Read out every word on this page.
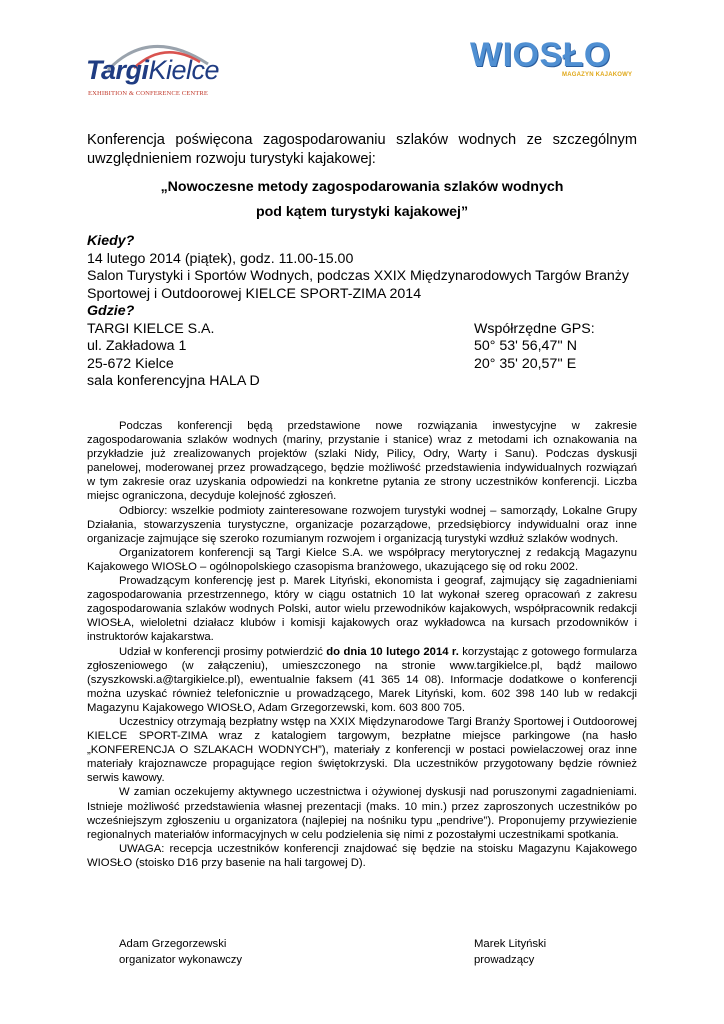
TargiKielce
EXHIBITION & CONFERENCE CENTRE
WIOSŁO
MAGAZYN KAJAKOWY
Konferencja poświęcona zagospodarowaniu szlaków wodnych ze szczególnym uwzględnieniem rozwoju turystyki kajakowej:
„Nowoczesne metody zagospodarowania szlaków wodnych
pod kątem turystyki kajakowej”
Kiedy?
14 lutego 2014 (piątek), godz. 11.00-15.00
Salon Turystyki i Sportów Wodnych, podczas XXIX Międzynarodowych Targów Branży Sportowej i Outdoorowej KIELCE SPORT-ZIMA 2014
Gdzie?
TARGI KIELCE S.A.
ul. Zakładowa 1
25-672 Kielce
sala konferencyjna HALA D
Współrzędne GPS:
50° 53' 56,47'' N
20° 35' 20,57'' E

Podczas konferencji będą przedstawione nowe rozwiązania inwestycyjne w zakresie zagospodarowania szlaków wodnych (mariny, przystanie i stanice) wraz z metodami ich oznakowania na przykładzie już zrealizowanych projektów (szlaki Nidy, Pilicy, Odry, Warty i Sanu). Podczas dyskusji panelowej, moderowanej przez prowadzącego, będzie możliwość przedstawienia indywidualnych rozwiązań w tym zakresie oraz uzyskania odpowiedzi na konkretne pytania ze strony uczestników konferencji. Liczba miejsc ograniczona, decyduje kolejność zgłoszeń.

Odbiorcy: wszelkie podmioty zainteresowane rozwojem turystyki wodnej – samorządy, Lokalne Grupy Działania, stowarzyszenia turystyczne, organizacje pozarządowe, przedsiębiorcy indywidualni oraz inne organizacje zajmujące się szeroko rozumianym rozwojem i organizacją turystyki wzdłuż szlaków wodnych.

Organizatorem konferencji są Targi Kielce S.A. we współpracy merytorycznej z redakcją Magazynu Kajakowego WIOSŁO – ogólnopolskiego czasopisma branżowego, ukazującego się od roku 2002.

Prowadzącym konferencję jest p. Marek Lityński, ekonomista i geograf, zajmujący się zagadnieniami zagospodarowania przestrzennego, który w ciągu ostatnich 10 lat wykonał szereg opracowań z zakresu zagospodarowania szlaków wodnych Polski, autor wielu przewodników kajakowych, współpracownik redakcji WIOSŁA, wieloletni działacz klubów i komisji kajakowych oraz wykładowca na kursach przodowników i instruktorów kajakarstwa.

Udział w konferencji prosimy potwierdzić do dnia 10 lutego 2014 r. korzystając z gotowego formularza zgłoszeniowego (w załączeniu), umieszczonego na stronie www.targikielce.pl, bądź mailowo (szyszkowski.a@targikielce.pl), ewentualnie faksem (41 365 14 08). Informacje dodatkowe o konferencji można uzyskać również telefonicznie u prowadzącego, Marek Lityński, kom. 602 398 140 lub w redakcji Magazynu Kajakowego WIOSŁO, Adam Grzegorzewski, kom. 603 800 705.

Uczestnicy otrzymają bezpłatny wstęp na XXIX Międzynarodowe Targi Branży Sportowej i Outdoorowej KIELCE SPORT-ZIMA wraz z katalogiem targowym, bezpłatne miejsce parkingowe (na hasło „KONFERENCJA O SZLAKACH WODNYCH”), materiały z konferencji w postaci powielaczowej oraz inne materiały krajoznawcze propagujące region świętokrzyski. Dla uczestników przygotowany będzie również serwis kawowy.

W zamian oczekujemy aktywnego uczestnictwa i ożywionej dyskusji nad poruszonymi zagadnieniami. Istnieje możliwość przedstawienia własnej prezentacji (maks. 10 min.) przez zaproszonych uczestników po wcześniejszym zgłoszeniu u organizatora (najlepiej na nośniku typu „pendrive”). Proponujemy przywiezienie regionalnych materiałów informacyjnych w celu podzielenia się nimi z pozostałymi uczestnikami spotkania.

UWAGA: recepcja uczestników konferencji znajdować się będzie na stoisku Magazynu Kajakowego WIOSŁO (stoisko D16 przy basenie na hali targowej D).

Adam Grzegorzewski
organizator wykonawczy
Marek Lityński
prowadzący
